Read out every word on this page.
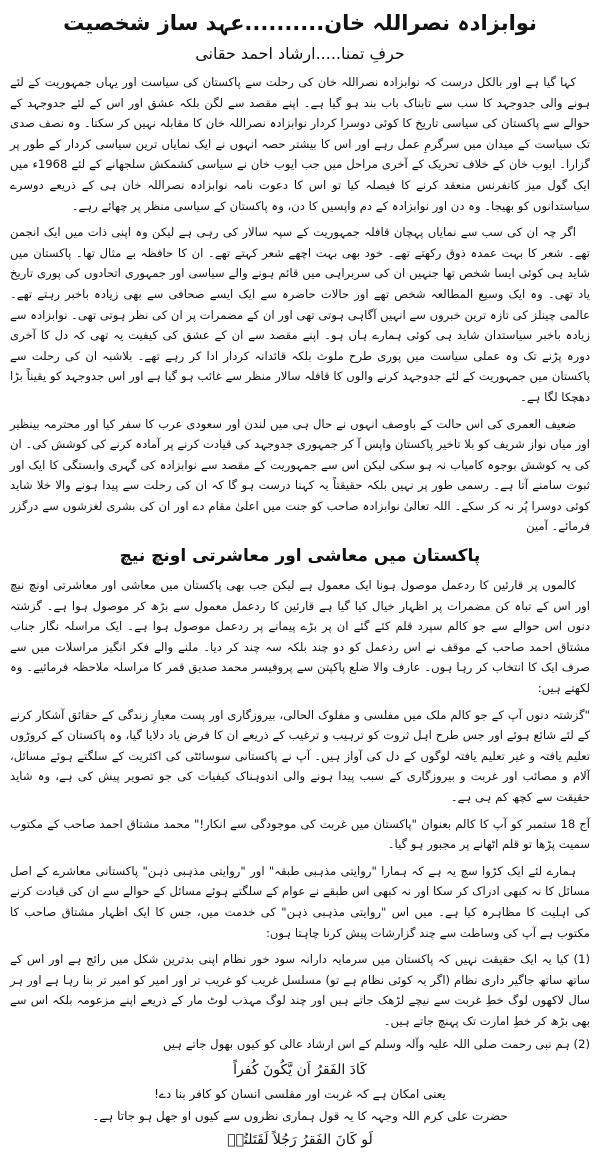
نوابزادہ نصراللہ خان..........عہد ساز شخصیت
حرفِ تمنا.....ارشاد احمد حقانی
کہا گیا ہے اور بالکل درست کہ نوابزادہ نصراللہ خان کی رحلت سے پاکستان کی سیاست اور یہاں جمہوریت کے لئے ہونے والی جدوجہد کا سب سے تابناک باب بند ہو گیا ہے۔ اپنے مقصد سے لگن بلکہ عشق اور اس کے لئے جدوجہد کے حوالے سے پاکستان کی سیاسی تاریخ کا کوئی دوسرا کردار نوابزادہ نصراللہ خان کا مقابلہ نہیں کر سکتا۔ وہ نصف صدی تک سیاست کے میدان میں سرگرمِ عمل رہے اور اس کا بیشتر حصہ انہوں نے ایک نمایاں ترین سیاسی کردار کے طور پر گزارا۔ ایوب خان کے خلاف تحریک کے آخری مراحل میں جب ایوب خان نے سیاسی کشمکش سلجھانے کے لئے 1968ء میں ایک گول میز کانفرنس منعقد کرنے کا فیصلہ کیا تو اس کا دعوت نامہ نوابزادہ نصراللہ خان ہی کے ذریعے دوسرے سیاستدانوں کو بھیجا۔ وہ دن اور نوابزادہ کے دم واپسیں کا دن، وہ پاکستان کے سیاسی منظر پر چھائے رہے۔
اگر چہ ان کی سب سے نمایاں پہچان قافلہ جمہوریت کے سپہ سالار کی رہی ہے لیکن وہ اپنی ذات میں ایک انجمن تھے۔ شعر کا بہت عمدہ ذوق رکھتے تھے۔ خود بھی بہت اچھے شعر کہتے تھے۔ ان کا حافظہ بے مثال تھا۔ پاکستان میں شاید ہی کوئی ایسا شخص تھا جنہیں ان کی سربراہی میں قائم ہونے والے سیاسی اور جمہوری اتحادوں کی پوری تاریخ یاد تھی۔ وہ ایک وسیع المطالعہ شخص تھے اور حالات حاضرہ سے ایک ایسے صحافی سے بھی زیادہ باخبر رہتے تھے۔ عالمی چینلز کی تازہ ترین خبروں سے انہیں آگاہی ہوتی تھی اور ان کے مضمرات پر ان کی نظر ہوتی تھی۔ نوابزادہ سے زیادہ باخبر سیاستدان شاید ہی کوئی ہمارے ہاں ہو۔ اپنے مقصد سے ان کے عشق کی کیفیت یہ تھی کہ دل کا آخری دورہ پڑنے تک وہ عملی سیاست میں پوری طرح ملوث بلکہ قائدانہ کردار ادا کر رہے تھے۔ بلاشبہ ان کی رحلت سے پاکستان میں جمہوریت کے لئے جدوجہد کرنے والوں کا قافلہ سالار منظر سے غائب ہو گیا ہے اور اس جدوجہد کو یقیناً بڑا دھچکا لگا ہے۔
ضعیف العمری کی اس حالت کے باوصف انہوں نے حال ہی میں لندن اور سعودی عرب کا سفر کیا اور محترمہ بینظیر اور میاں نواز شریف کو بلا تاخیر پاکستان واپس آ کر جمہوری جدوجہد کی قیادت کرنے پر آمادہ کرنے کی کوشش کی۔ ان کی یہ کوشش بوجوہ کامیاب نہ ہو سکی لیکن اس سے جمہوریت کے مقصد سے نوابزادہ کی گہری وابستگی کا ایک اور ثبوت سامنے آتا ہے۔ رسمی طور پر نہیں بلکہ حقیقتاً یہ کہنا درست ہو گا کہ ان کی رحلت سے پیدا ہونے والا خلا شاید کوئی دوسرا پُر نہ کر سکے۔ اللہ تعالیٰ نوابزادہ صاحب کو جنت میں اعلیٰ مقام دے اور ان کی بشری لغزشوں سے درگزر فرمائے۔ آمین
پاکستان میں معاشی اور معاشرتی اونچ نیچ
کالموں پر قارئین کا ردعمل موصول ہونا ایک معمول ہے لیکن جب بھی پاکستان میں معاشی اور معاشرتی اونچ نیچ اور اس کے تباہ کن مضمرات پر اظہار خیال کیا گیا ہے قارئین کا ردعمل معمول سے بڑھ کر موصول ہوا ہے۔ گزشتہ دنوں اس حوالے سے جو کالم سپرد قلم کئے گئے ان پر بڑے پیمانے پر ردعمل موصول ہوا ہے۔ ایک مراسلہ نگار جناب مشتاق احمد صاحب کے موقف نے اس ردعمل کو دو چند بلکہ سہ چند کر دیا۔ ملنے والے فکر انگیز مراسلات میں سے صرف ایک کا انتخاب کر رہا ہوں۔ عارف والا ضلع پاکپتن سے پروفیسر محمد صدیق قمر کا مراسلہ ملاحظہ فرمائیے۔ وہ لکھتے ہیں:
"گزشتہ دنوں آپ کے جو کالم ملک میں مفلسی و مفلوک الحالی، بیروزگاری اور پست معیارِ زندگی کے حقائق آشکار کرنے کے لئے شائع ہوئے اور جس طرح اہل ثروت کو ترہیب و ترغیب کے ذریعے ان کا فرض یاد دلایا گیا، وہ پاکستان کے کروڑوں تعلیم یافتہ و غیر تعلیم یافتہ لوگوں کے دل کی آواز ہیں۔ آپ نے پاکستانی سوسائٹی کی اکثریت کے سلگتے ہوئے مسائل، آلام و مصائب اور غربت و بیروزگاری کے سبب پیدا ہونے والی اندوہناک کیفیات کی جو تصویر پیش کی ہے، وہ شاید حقیقت سے کچھ کم ہی ہے۔
آج 18 ستمبر کو آپ کا کالم بعنوان "پاکستان میں غربت کی موجودگی سے انکار!" محمد مشتاق احمد صاحب کے مکتوب سمیت پڑھا تو قلم اٹھانے پر مجبور ہو گیا۔
ہمارے لئے ایک کڑوا سچ یہ ہے کہ ہمارا "روایتی مذہبی طبقہ" اور "روایتی مذہبی ذہن" پاکستانی معاشرے کے اصل مسائل کا نہ کبھی ادراک کر سکا اور نہ کبھی اس طبقے نے عوام کے سلگتے ہوئے مسائل کے حوالے سے ان کی قیادت کرنے کی اہلیت کا مظاہرہ کیا ہے۔ میں اس "روایتی مذہبی ذہن" کی خدمت میں، جس کا ایک اظہار مشتاق صاحب کا مکتوب ہے آپ کی وساطت سے چند گزارشات پیش کرنا چاہتا ہوں:
(1) کیا یہ ایک حقیقت نہیں کہ پاکستان میں سرمایہ دارانہ سود خور نظام اپنی بدترین شکل میں رائج ہے اور اس کے ساتھ ساتھ جاگیر داری نظام (اگر یہ کوئی نظام ہے تو) مسلسل غریب کو غریب تر اور امیر کو امیر تر بنا رہا ہے اور ہر سال لاکھوں لوگ خطِ غربت سے نیچے لڑھک جاتے ہیں اور چند لوگ مہذب لوٹ مار کے ذریعے اپنے مزعومہ بلکہ اس سے بھی بڑھ کر خطِ امارت تک پہنچ جاتے ہیں۔
(2) ہم نبی رحمت صلی اللہ علیہ وآلہ وسلم کے اس ارشاد عالی کو کیوں بھول جاتے ہیں
کَادَ الفَقرُ اَن یَّکُونَ کُفراً
یعنی امکان ہے کہ غربت اور مفلسی انسان کو کافر بنا دے!
حضرت علی کرم اللہ وجہہ کا یہ قول ہماری نظروں سے کیوں او جھل ہو جاتا ہے۔
لَو کَانَ الفَقرُ رَجُلاً لَقَتَلتُہٗ
